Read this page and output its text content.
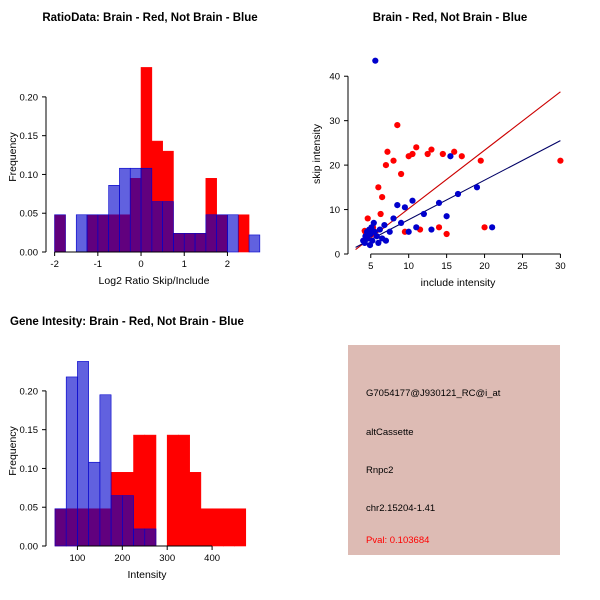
RatioData: Brain - Red, Not Brain - Blue
-2	-1	0	1	2
0.00
0.05
0.10
0.15
0.20
Log2 Ratio Skip/Include
Frequency
Brain - Red, Not Brain - Blue
5	10	15	20	25	30
0
10
20
30
40
include intensity
skip intensity
Gene Intesity: Brain - Red, Not Brain - Blue
100	200	300	400
0.00
0.05
0.10
0.15
0.20
Intensity
Frequency
G7054177@J930121_RC@i_at
altCassette
Rnpc2
chr2.15204-1.41
Pval: 0.103684
